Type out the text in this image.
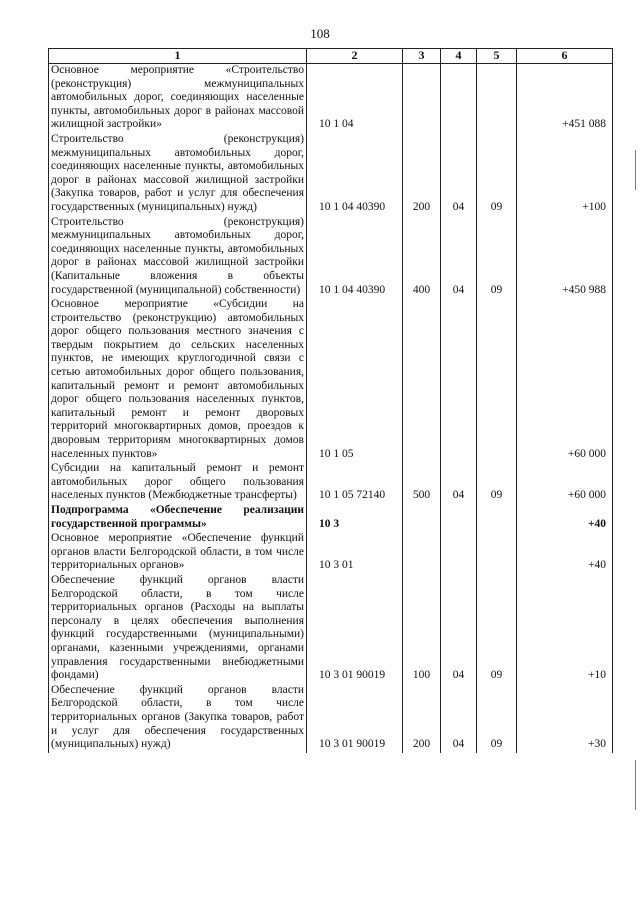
108
1	2	3	4	5	6

Основное мероприятие «Строительство (реконструкция) межмуниципальных автомобильных дорог, соединяющих населенные пункты, автомобильных дорог в районах массовой жилищной застройки»	10 1 04				+451 088

Строительство (реконструкция) межмуниципальных автомобильных дорог, соединяющих населенные пункты, автомобильных дорог в районах массовой жилищной застройки (Закупка товаров, работ и услуг для обеспечения государственных (муниципальных) нужд)	10 1 04 40390	200	04	09	+100

Строительство (реконструкция) межмуниципальных автомобильных дорог, соединяющих населенные пункты, автомобильных дорог в районах массовой жилищной застройки (Капитальные вложения в объекты государственной (муниципальной) собственности)	10 1 04 40390	400	04	09	+450 988

Основное мероприятие «Субсидии на строительство (реконструкцию) автомобильных дорог общего пользования местного значения с твердым покрытием до сельских населенных пунктов, не имеющих круглогодичной связи с сетью автомобильных дорог общего пользования, капитальный ремонт и ремонт автомобильных дорог общего пользования населенных пунктов, капитальный ремонт и ремонт дворовых территорий многоквартирных домов, проездов к дворовым территориям многоквартирных домов населенных пунктов»	10 1 05				+60 000

Субсидии на капитальный ремонт и ремонт автомобильных дорог общего пользования населеных пунктов (Межбюджетные трансферты)	10 1 05 72140	500	04	09	+60 000

Подпрограмма «Обеспечение реализации государственной программы»	10 3				+40

Основное мероприятие «Обеспечение функций органов власти Белгородской области, в том числе территориальных органов»	10 3 01				+40

Обеспечение функций органов власти Белгородской области, в том числе территориальных органов (Расходы на выплаты персоналу в целях обеспечения выполнения функций государственными (муниципальными) органами, казенными учреждениями, органами управления государственными внебюджетными фондами)	10 3 01 90019	100	04	09	+10

Обеспечение функций органов власти Белгородской области, в том числе территориальных органов (Закупка товаров, работ и услуг для обеспечения государственных (муниципальных) нужд)	10 3 01 90019	200	04	09	+30
